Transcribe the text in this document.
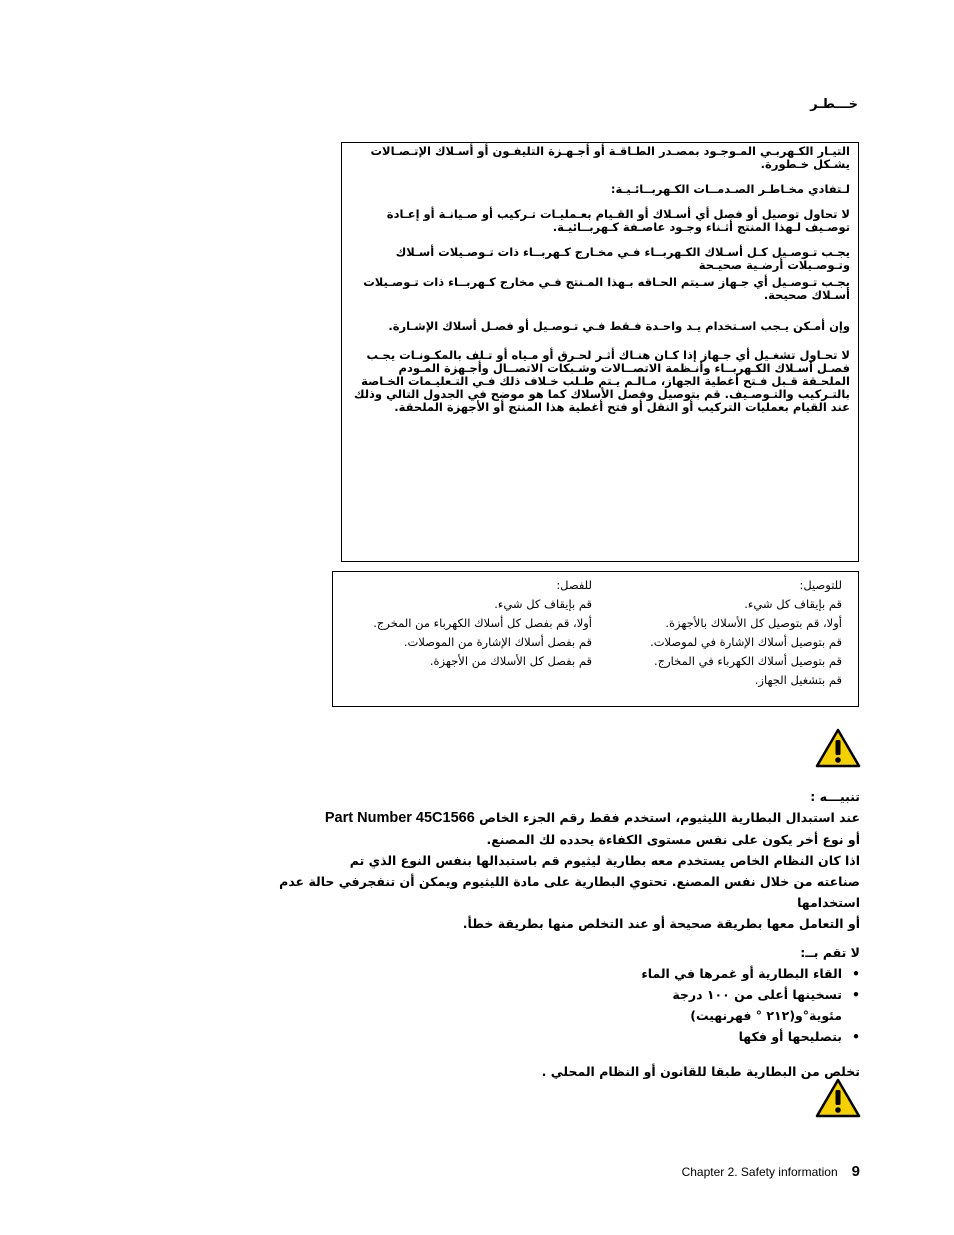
خـــطـر

التيـار الكـهربـي المـوجـود بمصـدر الطـاقـة أو أجـهـزة التليفـون أو أسـلاك الإتـصـالات يشـكل خـطورة.

لـتفادي مخـاطـر الصـدمــات الكـهربــائـيـة:

لا تحاول توصيل أو فصل أي أسـلاك أو القـيام بعـمليـات تـركيب أو صـيانـة أو إعـادة توصـيف لـهذا المنتج أثـناء وجـود عاصـفة كـهربــائيـة.

يجـب تـوصـيل كـل أسـلاك الكـهربــاء فـي مخـارج كـهربــاء ذات تـوصـيلات أسـلاك وتـوصـيلات أرضـية صحيـحة

يجـب تـوصـيل أي جـهاز سـيتم الحـاقه بـهذا المـنتج فـي مخارج كـهربــاء ذات تـوصـيلات أسـلاك صحيحة.

وإن أمـكن يـجب اسـتخدام يـد واحـدة فـقط فـي تـوصـيل أو فصـل أسلاك الإشـارة.

لا تحـاول تشغـيل أي جـهاز إذا كـان هنـاك أثـر لحـرق أو مـياه أو تـلف بالمكـونـات يجـب فصـل أسـلاك الكـهربــاء وأنـظمة الاتصــالات وشـبكات الاتصــال وأجـهزة المـودم الملحـقة قـبل فـتح أغطية الجهاز، مـالـم يـتم طـلب خـلاف ذلك فـي التـعليـمات الخـاصة بالتـركيب والتـوصـيف. قم بتوصيل وفصل الأسلاك كما هو موضح في الجدول التالي وذلك عند القيام بعمليات التركيب أو النقل أو فتح أغطية هذا المنتج أو الأجهزة الملحقة.

للتوصيل:
قم بإيقاف كل شيء.
أولا، قم بتوصيل كل الأسلاك بالأجهزة.
قم بتوصيل أسلاك الإشارة في لموصلات.
قم بتوصيل أسلاك الكهرباء في المخارج.
قم بتشغيل الجهاز.
للفصل:
قم بإيقاف كل شيء.
أولا، قم بفصل كل أسلاك الكهرباء من المخرج.
قم بفصل أسلاك الإشارة من الموصلات.
قم بفصل كل الأسلاك من الأجهزة.

تنبيـــه :

عند استبدال البطارية الليثيوم، استخدم فقط رقم الجزء الخاص Part Number 45C1566

أو نوع أخر يكون على نفس مستوى الكفاءة يحدده لك المصنع.

اذا كان النظام الخاص يستخدم معه بطارية ليثيوم قم باستبدالها بنفس النوع الذي تم

صناعته من خلال نفس المصنع. تحتوي البطارية على مادة الليثيوم ويمكن أن تنفجرفي حالة عدم استخدامها

أو التعامل معها بطريقة صحيحة أو عند التخلص منها بطريقة خطأ.

لا تقم بــ:

• القاء البطارية أو غمرها في الماء
• تسخينها أعلى من ١٠٠ درجة مئوية°و(٢١٢ ° فهرنهيت)
• بتصليحها أو فكها

تخلص من البطارية طبقا للقانون أو النظام المحلي .

Chapter 2. Safety information 9
